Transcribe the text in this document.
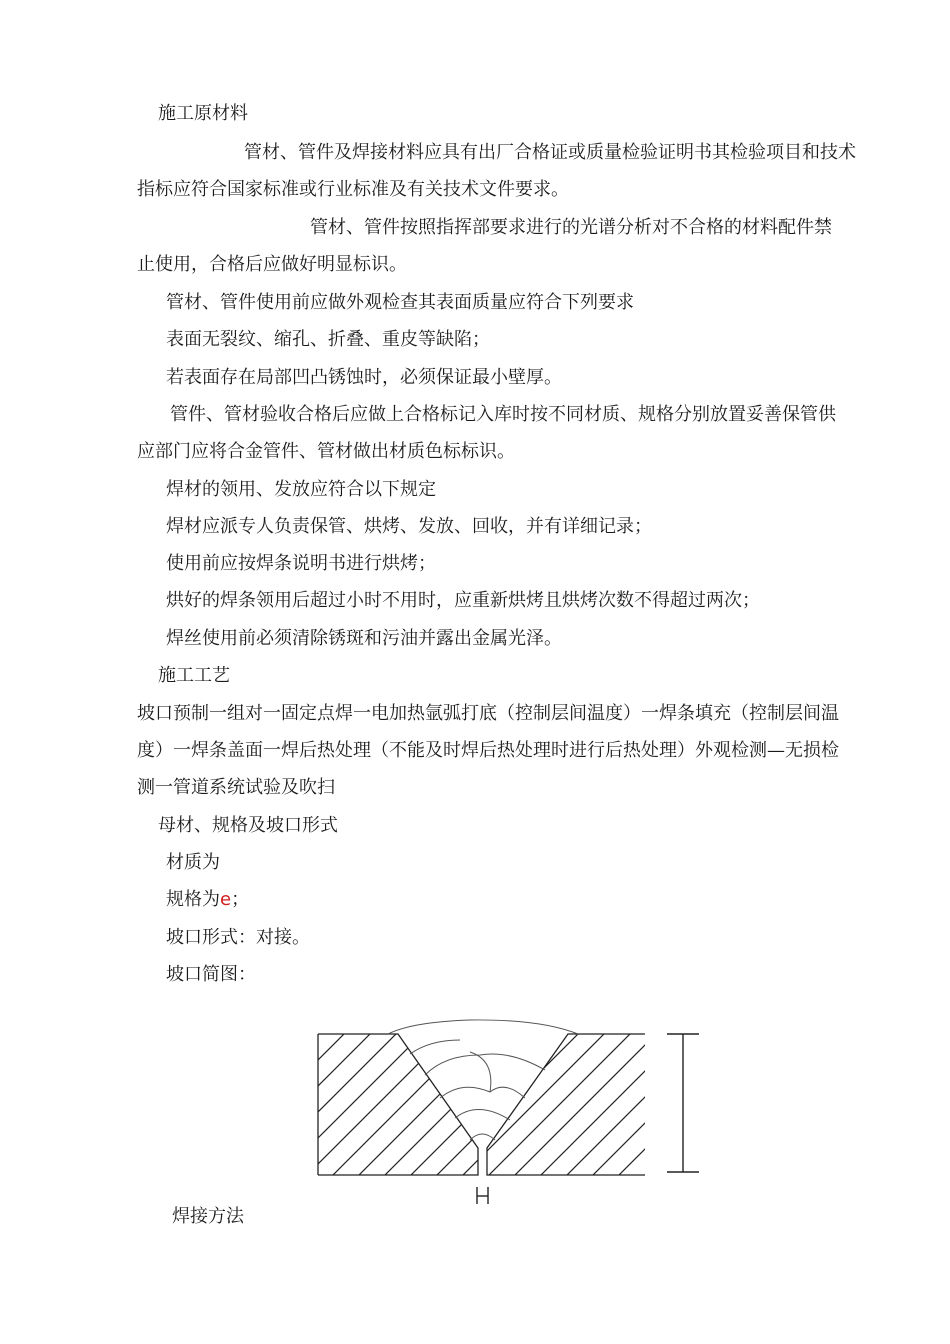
施工原材料
管材、管件及焊接材料应具有出厂合格证或质量检验证明书其检验项目和技术
指标应符合国家标准或行业标准及有关技术文件要求。
管材、管件按照指挥部要求进行的光谱分析对不合格的材料配件禁
止使用，合格后应做好明显标识。
管材、管件使用前应做外观检查其表面质量应符合下列要求
表面无裂纹、缩孔、折叠、重皮等缺陷；
若表面存在局部凹凸锈蚀时，必须保证最小壁厚。
管件、管材验收合格后应做上合格标记入库时按不同材质、规格分别放置妥善保管供
应部门应将合金管件、管材做出材质色标标识。
焊材的领用、发放应符合以下规定
焊材应派专人负责保管、烘烤、发放、回收，并有详细记录；
使用前应按焊条说明书进行烘烤；
烘好的焊条领用后超过小时不用时，应重新烘烤且烘烤次数不得超过两次；
焊丝使用前必须清除锈斑和污油并露出金属光泽。
施工工艺
坡口预制一组对一固定点焊一电加热氩弧打底（控制层间温度）一焊条填充（控制层间温
度）一焊条盖面一焊后热处理（不能及时焊后热处理时进行后热处理）外观检测—无损检
测一管道系统试验及吹扫
母材、规格及坡口形式
材质为
规格为e；
坡口形式：对接。
坡口简图：
焊接方法
